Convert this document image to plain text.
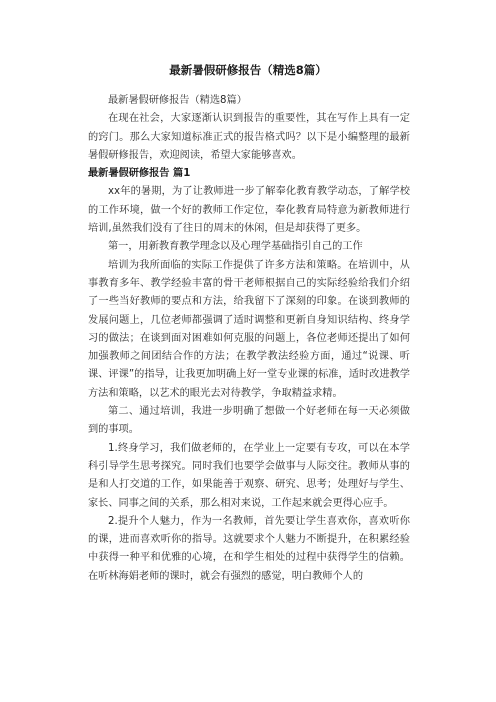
最新暑假研修报告（精选8篇）

最新暑假研修报告（精选8篇）

在现在社会，大家逐渐认识到报告的重要性，其在写作上具有一定的窍门。那么大家知道标准正式的报告格式吗？以下是小编整理的最新暑假研修报告，欢迎阅读，希望大家能够喜欢。

最新暑假研修报告 篇1

xx年的暑期，为了让教师进一步了解奉化教育教学动态，了解学校的工作环境，做一个好的教师工作定位，奉化教育局特意为新教师进行培训,虽然我们没有了往日的周末的休闲，但是却获得了更多。

第一，用新教育教学理念以及心理学基础指引自己的工作

培训为我所面临的实际工作提供了许多方法和策略。在培训中，从事教育多年、教学经验丰富的骨干老师根据自己的实际经验给我们介绍了一些当好教师的要点和方法，给我留下了深刻的印象。在谈到教师的发展问题上，几位老师都强调了适时调整和更新自身知识结构、终身学习的做法；在谈到面对困难如何克服的问题上，各位老师还提出了如何加强教师之间团结合作的方法；在教学教法经验方面，通过“说课、听课、评课”的指导，让我更加明确上好一堂专业课的标准，适时改进教学方法和策略，以艺术的眼光去对待教学，争取精益求精。

第二、通过培训，我进一步明确了想做一个好老师在每一天必须做到的事项。

1.终身学习，我们做老师的，在学业上一定要有专攻，可以在本学科引导学生思考探究。同时我们也要学会做事与人际交往。教师从事的是和人打交道的工作，如果能善于观察、研究、思考；处理好与学生、家长、同事之间的关系，那么相对来说，工作起来就会更得心应手。

2.提升个人魅力，作为一名教师，首先要让学生喜欢你，喜欢听你的课，进而喜欢听你的指导。这就要求个人魅力不断提升，在积累经验中获得一种平和优雅的心境，在和学生相处的过程中获得学生的信赖。在听林海娟老师的课时，就会有强烈的感觉，明白教师个人的
